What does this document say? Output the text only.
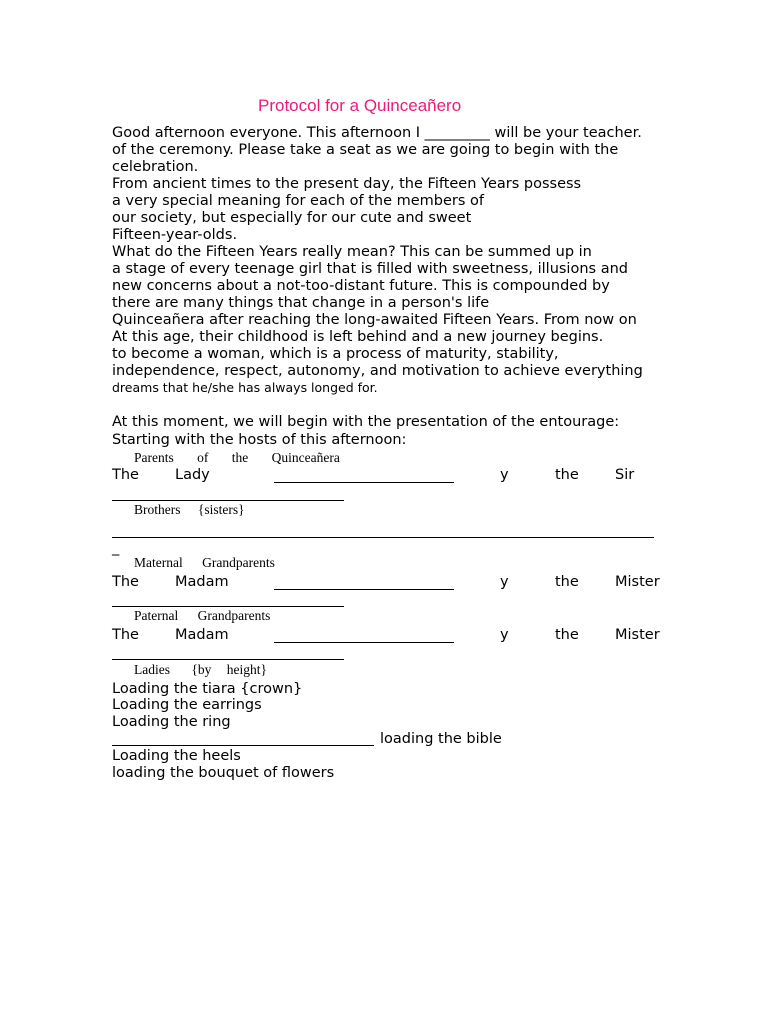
Protocol for a Quinceañero
Good afternoon everyone. This afternoon I _________ will be your teacher.
of the ceremony. Please take a seat as we are going to begin with the
celebration.
From ancient times to the present day, the Fifteen Years possess
a very special meaning for each of the members of
our society, but especially for our cute and sweet
Fifteen-year-olds.
What do the Fifteen Years really mean? This can be summed up in
a stage of every teenage girl that is filled with sweetness, illusions and
new concerns about a not-too-distant future. This is compounded by
there are many things that change in a person's life
Quinceañera after reaching the long-awaited Fifteen Years. From now on
At this age, their childhood is left behind and a new journey begins.
to become a woman, which is a process of maturity, stability,
independence, respect, autonomy, and motivation to achieve everything
dreams that he/she has always longed for.
At this moment, we will begin with the presentation of the entourage:
Starting with the hosts of this afternoon:
Parents of the Quinceañera
The Lady	y	the Sir
Brothers {sisters}
_
Maternal Grandparents
The Madam	y	the Mister
Paternal Grandparents
The Madam	y	the Mister
Ladies {by height}
Loading the tiara {crown}
Loading the earrings
Loading the ring
loading the bible
Loading the heels
loading the bouquet of flowers
